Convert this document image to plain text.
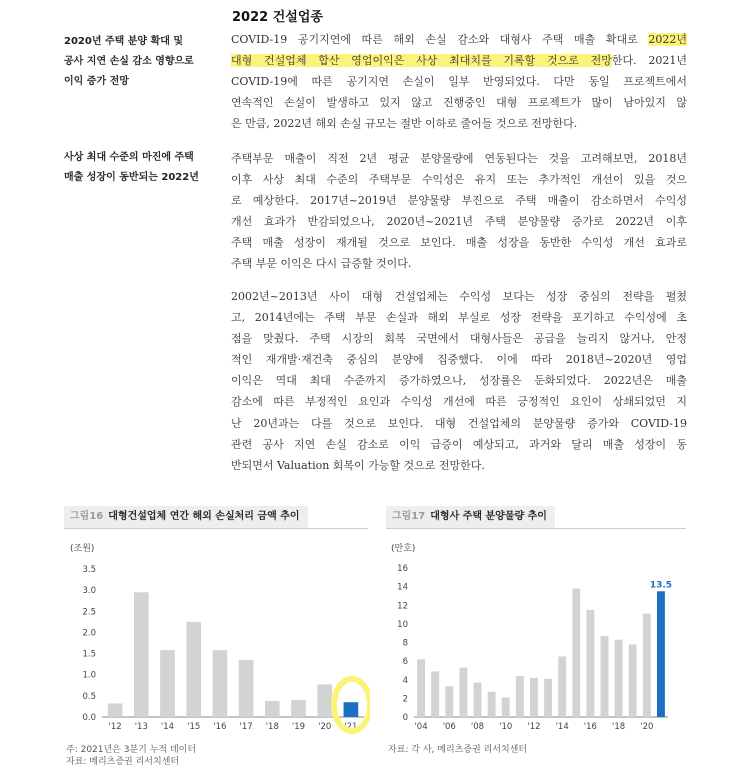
2022 건설업종
2020년 주택 분양 확대 및
공사 지연 손실 감소 영향으로
이익 증가 전망
사상 최대 수준의 마진에 주택
매출 성장이 동반되는 2022년
COVID-19 공기지연에 따른 해외 손실 감소와 대형사 주택 매출 확대로 2022년
대형 건설업체 합산 영업이익은 사상 최대치를 기록할 것으로 전망한다. 2021년
COVID-19에 따른 공기지연 손실이 일부 반영되었다. 다만 동일 프로젝트에서
연속적인 손실이 발생하고 있지 않고 진행중인 대형 프로젝트가 많이 남아있지 않
은 만큼, 2022년 해외 손실 규모는 절반 이하로 줄어들 것으로 전망한다.
주택부문 매출이 직전 2년 평균 분양물량에 연동된다는 것을 고려해보면, 2018년
이후 사상 최대 수준의 주택부문 수익성은 유지 또는 추가적인 개선이 있을 것으
로 예상한다. 2017년~2019년 분양물량 부진으로 주택 매출이 감소하면서 수익성
개선 효과가 반감되었으나, 2020년~2021년 주택 분양물량 증가로 2022년 이후
주택 매출 성장이 재개될 것으로 보인다. 매출 성장을 동반한 수익성 개선 효과로
주택 부문 이익은 다시 급증할 것이다.
2002년~2013년 사이 대형 건설업체는 수익성 보다는 성장 중심의 전략을 펼쳤
고, 2014년에는 주택 부문 손실과 해외 부실로 성장 전략을 포기하고 수익성에 초
점을 맞췄다. 주택 시장의 회복 국면에서 대형사들은 공급을 늘리지 않거나, 안정
적인 재개발·재건축 중심의 분양에 집중했다. 이에 따라 2018년~2020년 영업
이익은 역대 최대 수준까지 증가하였으나, 성장률은 둔화되었다. 2022년은 매출
감소에 따른 부정적인 요인과 수익성 개선에 따른 긍정적인 요인이 상쇄되었던 지
난 20년과는 다를 것으로 보인다. 대형 건설업체의 분양물량 증가와 COVID-19
관련 공사 지연 손실 감소로 이익 급증이 예상되고, 과거와 달리 매출 성장이 동
반되면서 Valuation 회복이 가능할 것으로 전망한다.
그림16 대형건설업체 연간 해외 손실처리 금액 추이
(조원)
0.0
0.5
1.0
1.5
2.0
2.5
3.0
3.5
'12 '13 '14 '15 '16 '17 '18 '19 '20 '21
주: 2021년은 3분기 누적 데이터
자료: 메리츠증권 리서치센터
그림17 대형사 주택 분양물량 추이
(만호)
0
2
4
6
8
10
12
14
16
'04 '06 '08 '10 '12 '14 '16 '18 '20
13.5
자료: 각 사, 메리츠증권 리서치센터
